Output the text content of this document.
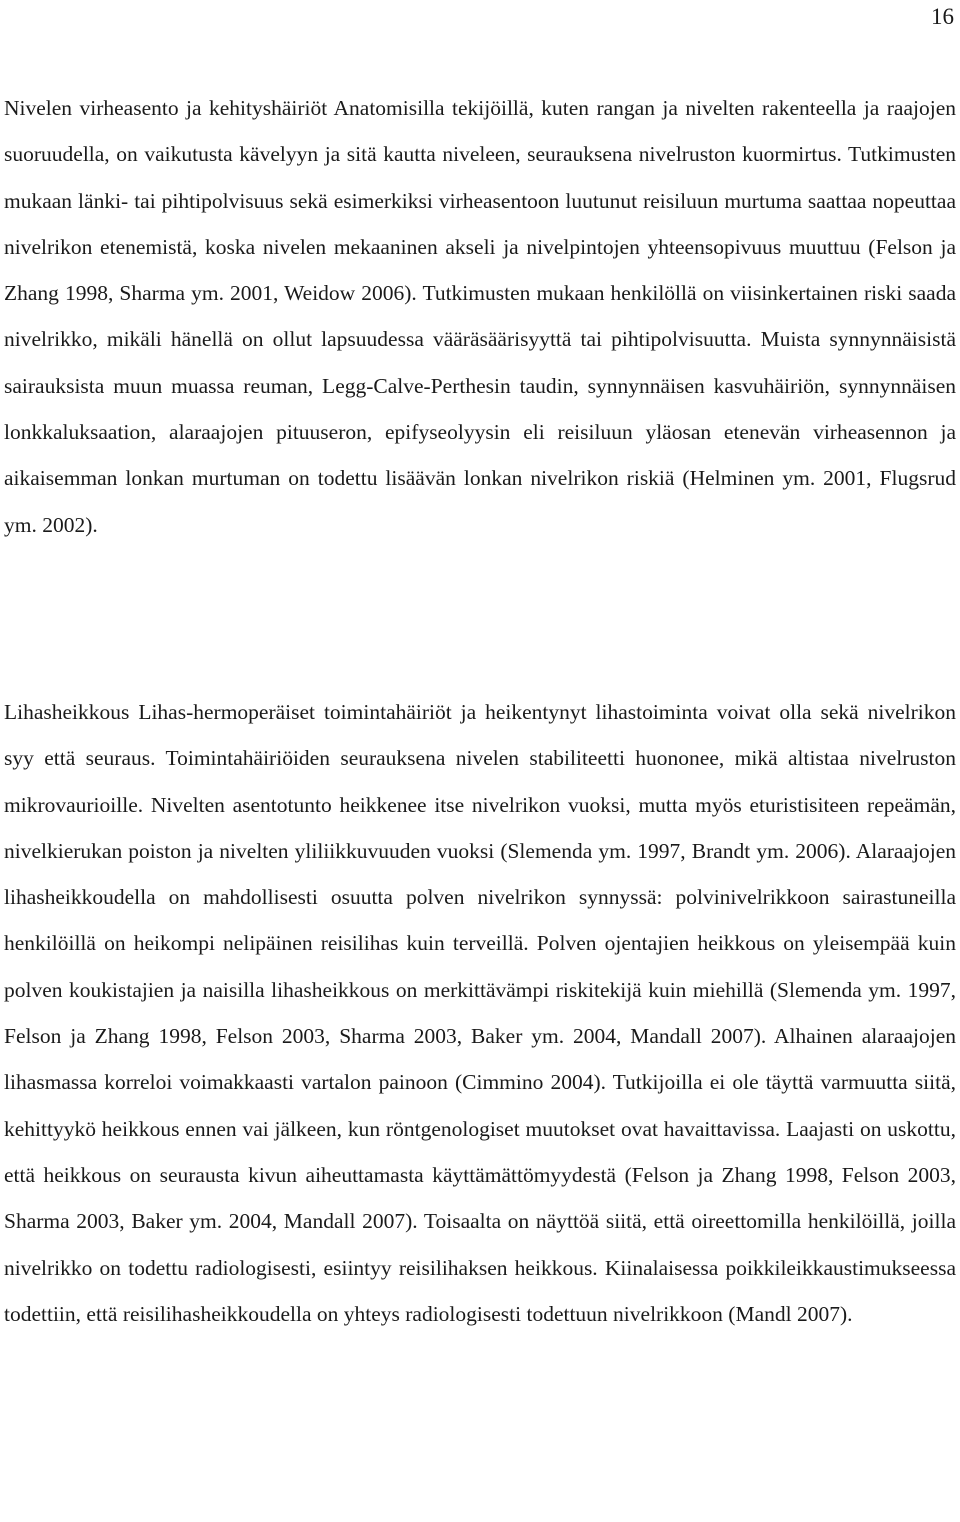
16

Nivelen virheasento ja kehityshäiriöt Anatomisilla tekijöillä, kuten rangan ja nivelten rakenteella ja raajojen suoruudella, on vaikutusta kävelyyn ja sitä kautta niveleen, seurauksena nivelruston kuormirtus. Tutkimusten mukaan länki- tai pihtipolvisuus sekä esimerkiksi virheasentoon luutunut reisiluun murtuma saattaa nopeuttaa nivelrikon etenemistä, koska nivelen mekaaninen akseli ja nivelpintojen yhteensopivuus muuttuu (Felson ja Zhang 1998, Sharma ym. 2001, Weidow 2006). Tutkimusten mukaan henkilöllä on viisinkertainen riski saada nivelrikko, mikäli hänellä on ollut lapsuudessa vääräsäärisyyttä tai pihtipolvisuutta. Muista synnynnäisistä sairauksista muun muassa reuman, Legg-Calve-Perthesin taudin, synnynnäisen kasvuhäiriön, synnynnäisen lonkkaluksaation, alaraajojen pituuseron, epifyseolyysin eli reisiluun yläosan etenevän virheasennon ja aikaisemman lonkan murtuman on todettu lisäävän lonkan nivelrikon riskiä (Helminen ym. 2001, Flugsrud ym. 2002).

Lihasheikkous Lihas-hermoperäiset toimintahäiriöt ja heikentynyt lihastoiminta voivat olla sekä nivelrikon syy että seuraus. Toimintahäiriöiden seurauksena nivelen stabiliteetti huononee, mikä altistaa nivelruston mikrovaurioille. Nivelten asentotunto heikkenee itse nivelrikon vuoksi, mutta myös eturistisiteen repeämän, nivelkierukan poiston ja nivelten yliliikkuvuuden vuoksi (Slemenda ym. 1997, Brandt ym. 2006). Alaraajojen lihasheikkoudella on mahdollisesti osuutta polven nivelrikon synnyssä: polvinivelrikkoon sairastuneilla henkilöillä on heikompi nelipäinen reisilihas kuin terveillä. Polven ojentajien heikkous on yleisempää kuin polven koukistajien ja naisilla lihasheikkous on merkittävämpi riskitekijä kuin miehillä (Slemenda ym. 1997, Felson ja Zhang 1998, Felson 2003, Sharma 2003, Baker ym. 2004, Mandall 2007). Alhainen alaraajojen lihasmassa korreloi voimakkaasti vartalon painoon (Cimmino 2004). Tutkijoilla ei ole täyttä varmuutta siitä, kehittyykö heikkous ennen vai jälkeen, kun röntgenologiset muutokset ovat havaittavissa. Laajasti on uskottu, että heikkous on seurausta kivun aiheuttamasta käyttämättömyydestä (Felson ja Zhang 1998, Felson 2003, Sharma 2003, Baker ym. 2004, Mandall 2007). Toisaalta on näyttöä siitä, että oireettomilla henkilöillä, joilla nivelrikko on todettu radiologisesti, esiintyy reisilihaksen heikkous. Kiinalaisessa poikkileikkaustimukseessa todettiin, että reisilihasheikkoudella on yhteys radiologisesti todettuun nivelrikkoon (Mandl 2007).
